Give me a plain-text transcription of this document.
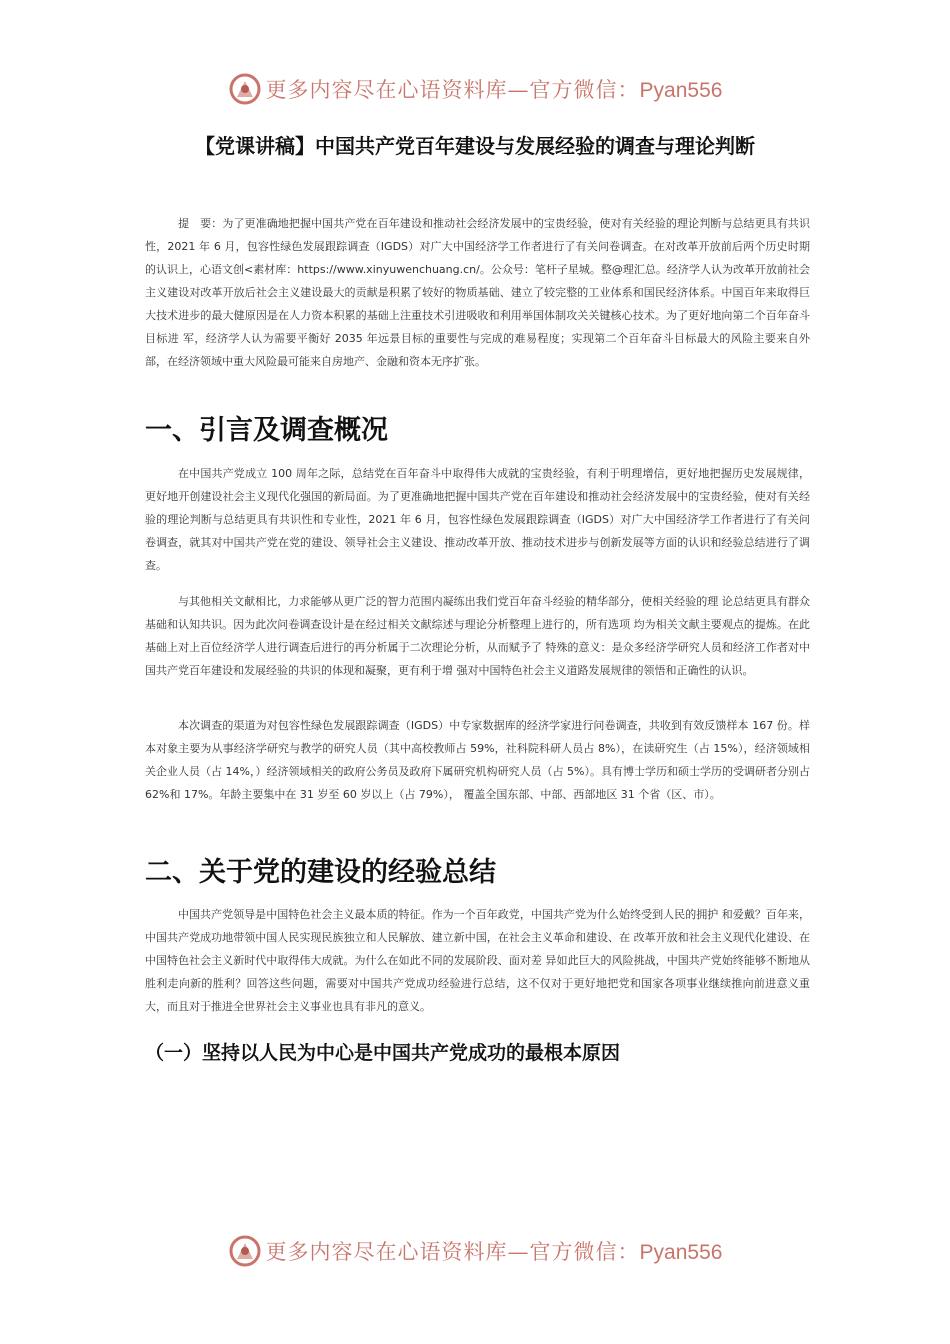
更多内容尽在心语资料库—官方微信：Pyan556
【党课讲稿】中国共产党百年建设与发展经验的调查与理论判断

提　要：为了更准确地把握中国共产党在百年建设和推动社会经济发展中的宝贵经验，使对有关经验的理论判断与总结更具有共识性，2021 年 6 月，包容性绿色发展跟踪调查（IGDS）对广大中国经济学工作者进行了有关问卷调查。在对改革开放前后两个历史时期的认识上，心语文创<素材库：https://www.xinyuwenchuang.cn/。公众号：笔杆子星城。整@理汇总。经济学人认为改革开放前社会主义建设对改革开放后社会主义建设最大的贡献是积累了较好的物质基础、建立了较完整的工业体系和国民经济体系。中国百年来取得巨大技术进步的最大健原因是在人力资本积累的基础上注重技术引进吸收和利用举国体制攻关关键核心技术。为了更好地向第二个百年奋斗目标进 军，经济学人认为需要平衡好 2035 年远景目标的重要性与完成的难易程度；实现第二个百年奋斗目标最大的风险主要来自外部，在经济领域中重大风险最可能来自房地产、金融和资本无序扩张。

一、引言及调查概况

在中国共产党成立 100 周年之际，总结党在百年奋斗中取得伟大成就的宝贵经验，有利于明理增信，更好地把握历史发展规律，更好地开创建设社会主义现代化强国的新局面。为了更准确地把握中国共产党在百年建设和推动社会经济发展中的宝贵经验，使对有关经验的理论判断与总结更具有共识性和专业性，2021 年 6 月，包容性绿色发展跟踪调查（IGDS）对广大中国经济学工作者进行了有关问卷调查，就其对中国共产党在党的建设、领导社会主义建设、推动改革开放、推动技术进步与创新发展等方面的认识和经验总结进行了调查。

与其他相关文献相比，力求能够从更广泛的智力范围内凝练出我们党百年奋斗经验的精华部分，使相关经验的理 论总结更具有群众基础和认知共识。因为此次问卷调查设计是在经过相关文献综述与理论分析整理上进行的，所有选项 均为相关文献主要观点的提炼。在此基础上对上百位经济学人进行调查后进行的再分析属于二次理论分析，从而赋予了 特殊的意义：是众多经济学研究人员和经济工作者对中国共产党百年建设和发展经验的共识的体现和凝聚，更有利于增 强对中国特色社会主义道路发展规律的领悟和正确性的认识。

本次调查的渠道为对包容性绿色发展跟踪调查（IGDS）中专家数据库的经济学家进行问卷调查，共收到有效反馈样本 167 份。样本对象主要为从事经济学研究与教学的研究人员（其中高校教师占 59%，社科院科研人员占 8%），在读研究生（占 15%），经济领域相关企业人员（占 14%，）经济领域相关的政府公务员及政府下属研究机构研究人员（占 5%）。具有博士学历和硕士学历的受调研者分别占 62%和 17%。年龄主要集中在 31 岁至 60 岁以上（占 79%）， 覆盖全国东部、中部、西部地区 31 个省（区、市）。

二、关于党的建设的经验总结

中国共产党领导是中国特色社会主义最本质的特征。作为一个百年政党，中国共产党为什么始终受到人民的拥护 和爱戴？百年来，中国共产党成功地带领中国人民实现民族独立和人民解放、建立新中国，在社会主义革命和建设、在 改革开放和社会主义现代化建设、在中国特色社会主义新时代中取得伟大成就。为什么在如此不同的发展阶段、面对差 异如此巨大的风险挑战，中国共产党始终能够不断地从胜利走向新的胜利？回答这些问题，需要对中国共产党成功经验进行总结，这不仅对于更好地把党和国家各项事业继续推向前进意义重大，而且对于推进全世界社会主义事业也具有非凡的意义。

（一）坚持以人民为中心是中国共产党成功的最根本原因
更多内容尽在心语资料库—官方微信：Pyan556
